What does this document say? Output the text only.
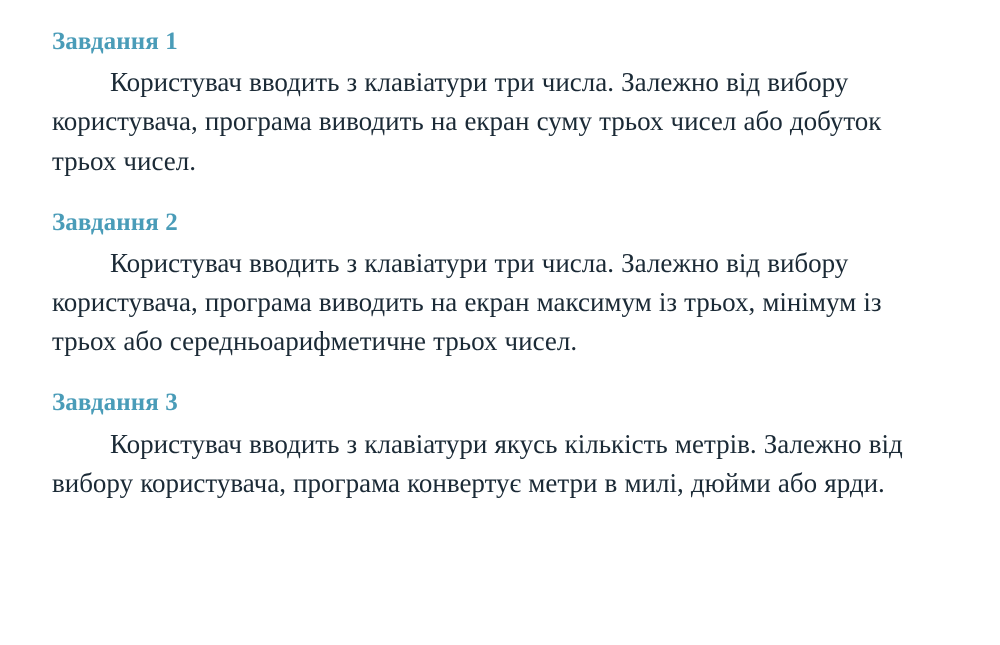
Завдання 1

Користувач вводить з клавіатури три числа. Залежно від вибору користувача, програма виводить на екран суму трьох чисел або добуток трьох чисел.

Завдання 2

Користувач вводить з клавіатури три числа. Залежно від вибору користувача, програма виводить на екран максимум із трьох, мінімум із трьох або середньоарифметичне трьох чисел.

Завдання 3

Користувач вводить з клавіатури якусь кількість метрів. Залежно від вибору користувача, програма конвертує метри в милі, дюйми або ярди.
